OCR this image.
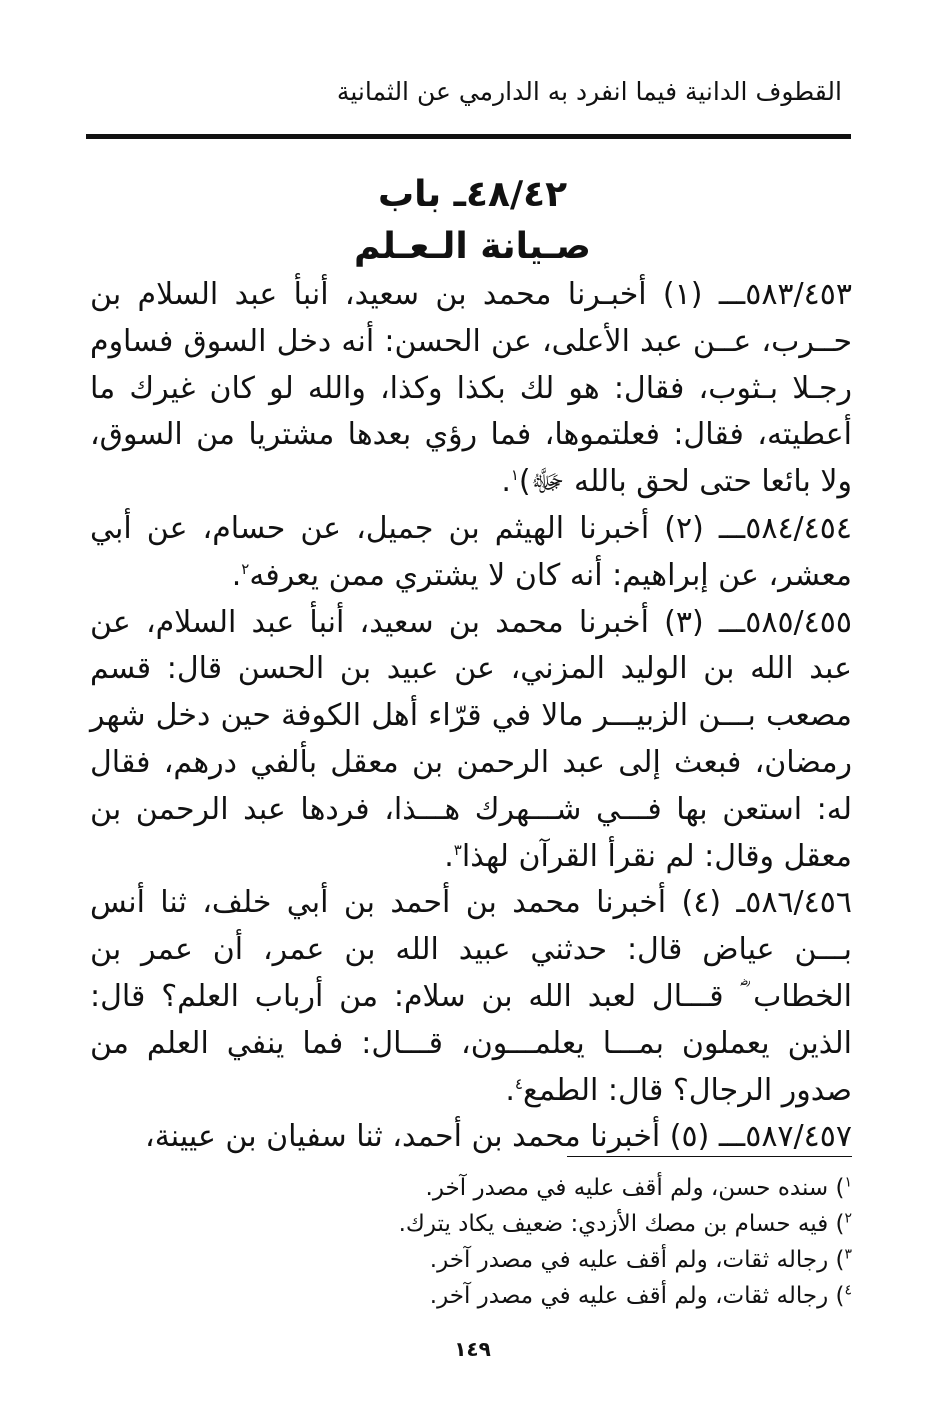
القطوف الدانية فيما انفرد به الدارمي عن الثمانية
٤٨/٤٢ـ باب
صـيانة الـعـلم

٥٨٣/٤٥٣ـــ (١) أخبـرنا محمد بن سعيد، أنبأ عبد السلام بن حــرب، عــن عبد الأعلى، عن الحسن: أنه دخل السوق فساوم رجـلا بـثوب، فقال: هو لك بكذا وكذا، والله لو كان غيرك ما أعطيته، فقال: فعلتموها، فما رؤي بعدها مشتريا من السوق، ولا بائعا حتى لحق بالله ﷻ)$^١$.

٥٨٤/٤٥٤ـــ (٢) أخبرنا الهيثم بن جميل، عن حسام، عن أبي معشر، عن إبراهيم: أنه كان لا يشتري ممن يعرفه$^٢$.

٥٨٥/٤٥٥ـــ (٣) أخبرنا محمد بن سعيد، أنبأ عبد السلام، عن عبد الله بن الوليد المزني، عن عبيد بن الحسن قال: قسم مصعب بـــن الزبيـــر مالا في قرّاء أهل الكوفة حين دخل شهر رمضان، فبعث إلى عبد الرحمن بن معقل بألفي درهم، فقال له: استعن بها فـــي شـــهرك هـــذا، فردها عبد الرحمن بن معقل وقال: لم نقرأ القرآن لهذا$^٣$.

٥٨٦/٤٥٦ـ (٤) أخبرنا محمد بن أحمد بن أبي خلف، ثنا أنس بـــن عياض قال: حدثني عبيد الله بن عمر، أن عمر بن الخطاب ؓ قـــال لعبد الله بن سلام: من أرباب العلم؟ قال: الذين يعملون بمـــا يعلمـــون، قـــال: فما ينفي العلم من صدور الرجال؟ قال: الطمع$^٤$.

٥٨٧/٤٥٧ـــ (٥) أخبرنا محمد بن أحمد، ثنا سفيان بن عيينة،

$^١$) سنده حسن، ولم أقف عليه في مصدر آخر.

$^٢$) فيه حسام بن مصك الأزدي: ضعيف يكاد يترك.

$^٣$) رجاله ثقات، ولم أقف عليه في مصدر آخر.

$^٤$) رجاله ثقات، ولم أقف عليه في مصدر آخر.

١٤٩
